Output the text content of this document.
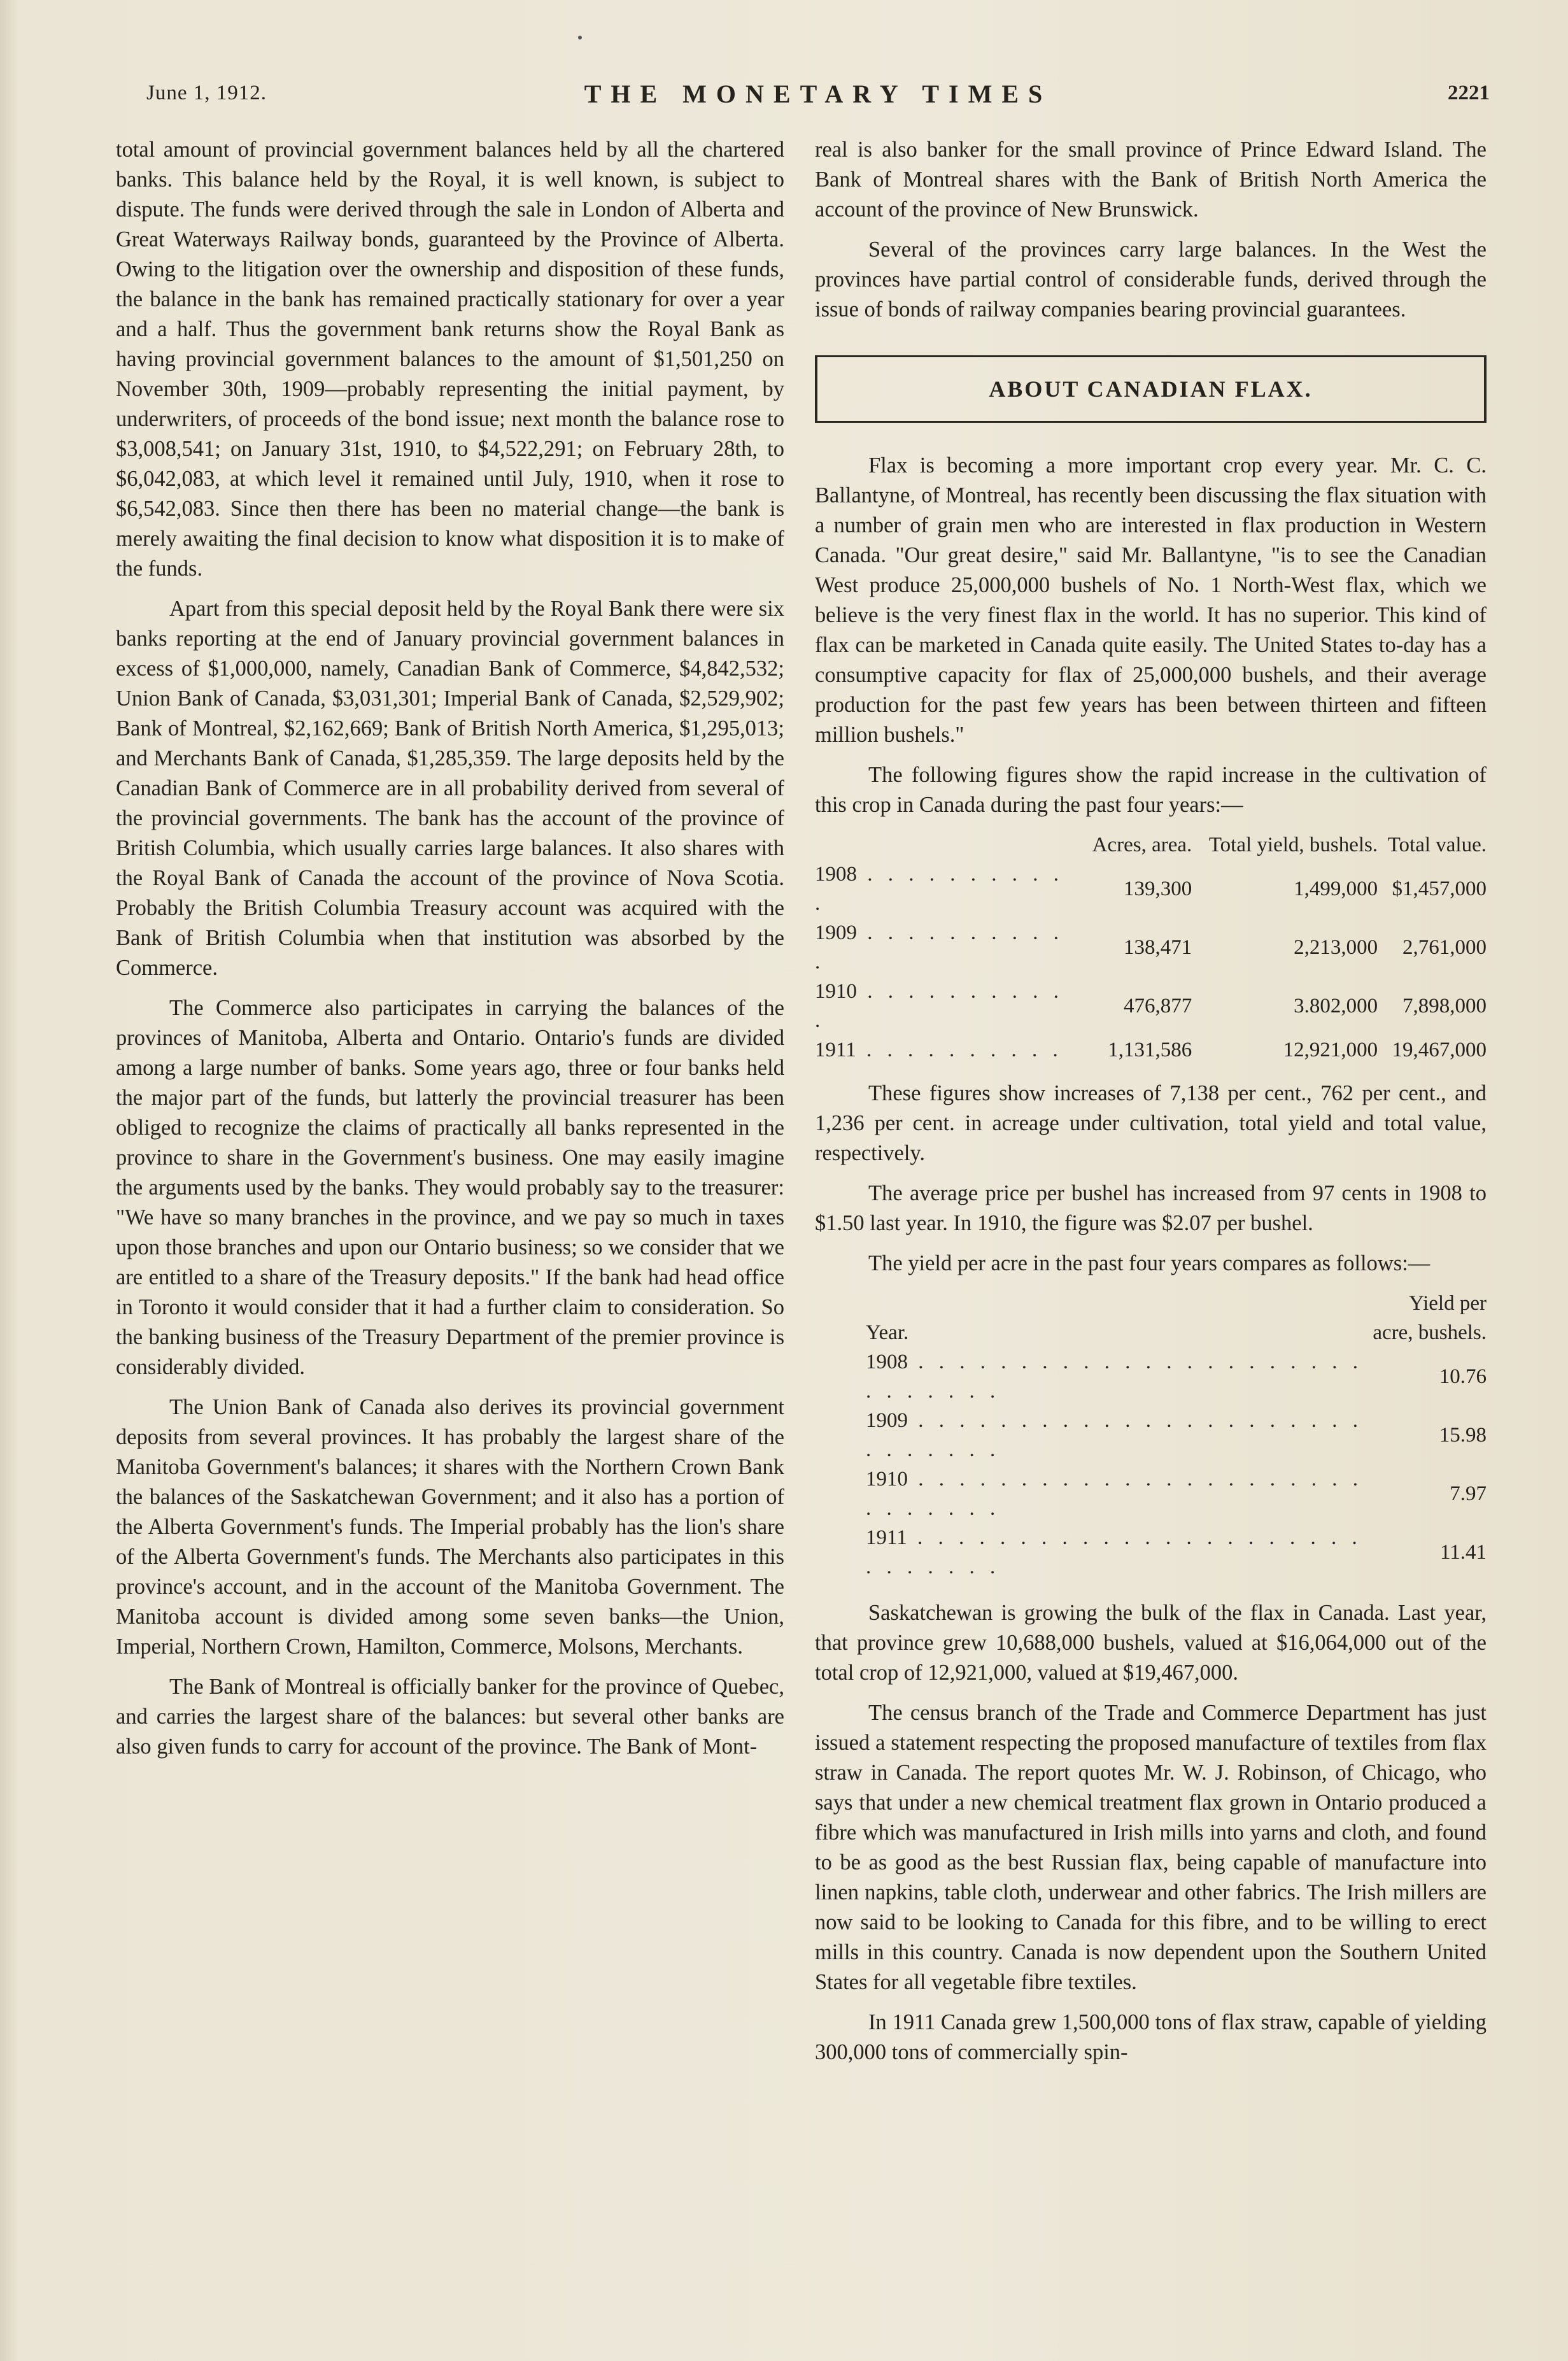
June 1, 1912.	THE MONETARY TIMES	2221

total amount of provincial government balances held by all the chartered banks. This balance held by the Royal, it is well known, is subject to dispute. The funds were derived through the sale in London of Alberta and Great Waterways Railway bonds, guaranteed by the Province of Alberta. Owing to the litigation over the ownership and disposition of these funds, the balance in the bank has remained practically stationary for over a year and a half. Thus the government bank returns show the Royal Bank as having provincial government balances to the amount of $1,501,250 on November 30th, 1909—probably representing the initial payment, by underwriters, of proceeds of the bond issue; next month the balance rose to $3,008,541; on January 31st, 1910, to $4,522,291; on February 28th, to $6,042,083, at which level it remained until July, 1910, when it rose to $6,542,083. Since then there has been no material change—the bank is merely awaiting the final decision to know what disposition it is to make of the funds.

Apart from this special deposit held by the Royal Bank there were six banks reporting at the end of January provincial government balances in excess of $1,000,000, namely, Canadian Bank of Commerce, $4,842,532; Union Bank of Canada, $3,031,301; Imperial Bank of Canada, $2,529,902; Bank of Montreal, $2,162,669; Bank of British North America, $1,295,013; and Merchants Bank of Canada, $1,285,359. The large deposits held by the Canadian Bank of Commerce are in all probability derived from several of the provincial governments. The bank has the account of the province of British Columbia, which usually carries large balances. It also shares with the Royal Bank of Canada the account of the province of Nova Scotia. Probably the British Columbia Treasury account was acquired with the Bank of British Columbia when that institution was absorbed by the Commerce.

The Commerce also participates in carrying the balances of the provinces of Manitoba, Alberta and Ontario. Ontario's funds are divided among a large number of banks. Some years ago, three or four banks held the major part of the funds, but latterly the provincial treasurer has been obliged to recognize the claims of practically all banks represented in the province to share in the Government's business. One may easily imagine the arguments used by the banks. They would probably say to the treasurer: "We have so many branches in the province, and we pay so much in taxes upon those branches and upon our Ontario business; so we consider that we are entitled to a share of the Treasury deposits." If the bank had head office in Toronto it would consider that it had a further claim to consideration. So the banking business of the Treasury Department of the premier province is considerably divided.

The Union Bank of Canada also derives its provincial government deposits from several provinces. It has probably the largest share of the Manitoba Government's balances; it shares with the Northern Crown Bank the balances of the Saskatchewan Government; and it also has a portion of the Alberta Government's funds. The Imperial probably has the lion's share of the Alberta Government's funds. The Merchants also participates in this province's account, and in the account of the Manitoba Government. The Manitoba account is divided among some seven banks—the Union, Imperial, Northern Crown, Hamilton, Commerce, Molsons, Merchants.

The Bank of Montreal is officially banker for the province of Quebec, and carries the largest share of the balances: but several other banks are also given funds to carry for account of the province. The Bank of Mont-

real is also banker for the small province of Prince Edward Island. The Bank of Montreal shares with the Bank of British North America the account of the province of New Brunswick.

Several of the provinces carry large balances. In the West the provinces have partial control of considerable funds, derived through the issue of bonds of railway companies bearing provincial guarantees.

ABOUT CANADIAN FLAX.

Flax is becoming a more important crop every year. Mr. C. C. Ballantyne, of Montreal, has recently been discussing the flax situation with a number of grain men who are interested in flax production in Western Canada. "Our great desire," said Mr. Ballantyne, "is to see the Canadian West produce 25,000,000 bushels of No. 1 North-West flax, which we believe is the very finest flax in the world. It has no superior. This kind of flax can be marketed in Canada quite easily. The United States to-day has a consumptive capacity for flax of 25,000,000 bushels, and their average production for the past few years has been between thirteen and fifteen million bushels."

The following figures show the rapid increase in the cultivation of this crop in Canada during the past four years:—

	Acres, area.	Total yield, bushels.	Total value.
1908 . . . . . . . . . . .	139,300	1,499,000	$1,457,000
1909 . . . . . . . . . . .	138,471	2,213,000	2,761,000
1910 . . . . . . . . . . .	476,877	3.802,000	7,898,000
1911 . . . . . . . . . .	1,131,586	12,921,000	19,467,000

These figures show increases of 7,138 per cent., 762 per cent., and 1,236 per cent. in acreage under cultivation, total yield and total value, respectively.

The average price per bushel has increased from 97 cents in 1908 to $1.50 last year. In 1910, the figure was $2.07 per bushel.

The yield per acre in the past four years compares as follows:—

Year.	Yield per acre, bushels.
1908 . . . . . . . . . . . . . . . . . . . . . . . . . . . . .	10.76
1909 . . . . . . . . . . . . . . . . . . . . . . . . . . . . .	15.98
1910 . . . . . . . . . . . . . . . . . . . . . . . . . . . . .	7.97
1911 . . . . . . . . . . . . . . . . . . . . . . . . . . . . .	11.41

Saskatchewan is growing the bulk of the flax in Canada. Last year, that province grew 10,688,000 bushels, valued at $16,064,000 out of the total crop of 12,921,000, valued at $19,467,000.

The census branch of the Trade and Commerce Department has just issued a statement respecting the proposed manufacture of textiles from flax straw in Canada. The report quotes Mr. W. J. Robinson, of Chicago, who says that under a new chemical treatment flax grown in Ontario produced a fibre which was manufactured in Irish mills into yarns and cloth, and found to be as good as the best Russian flax, being capable of manufacture into linen napkins, table cloth, underwear and other fabrics. The Irish millers are now said to be looking to Canada for this fibre, and to be willing to erect mills in this country. Canada is now dependent upon the Southern United States for all vegetable fibre textiles.

In 1911 Canada grew 1,500,000 tons of flax straw, capable of yielding 300,000 tons of commercially spin-
